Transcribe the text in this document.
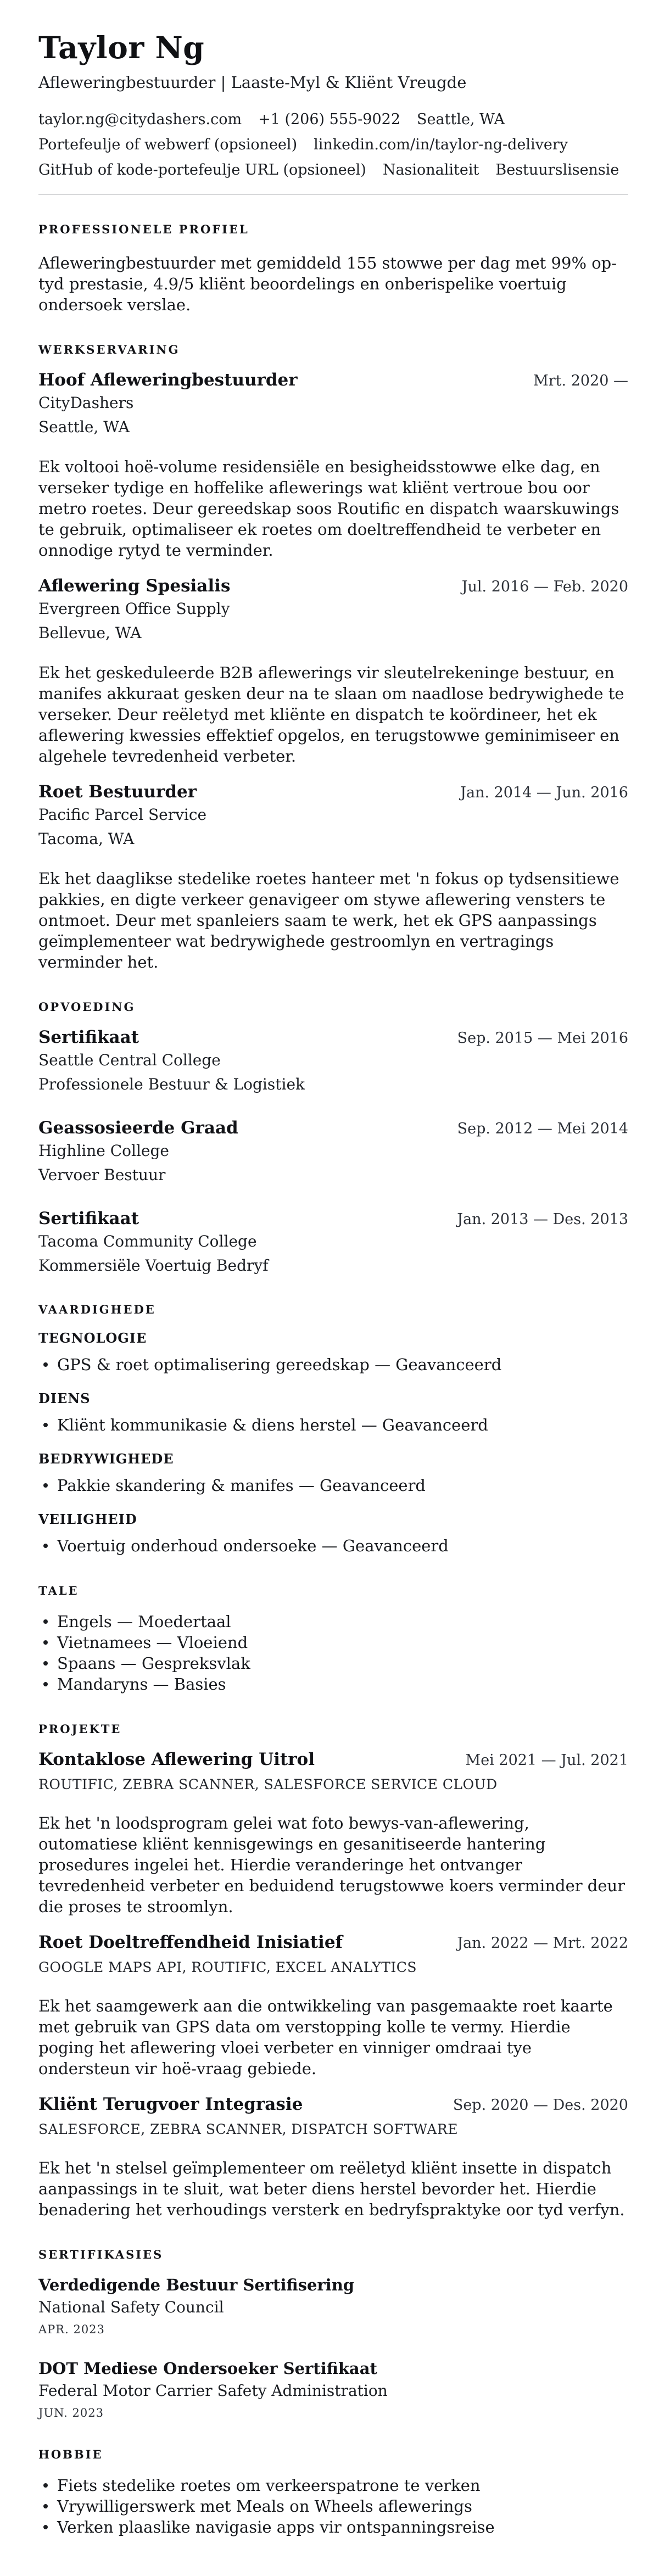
Taylor Ng
Afleweringbestuurder | Laaste-Myl & Kliënt Vreugde
taylor.ng@citydashers.com +1 (206) 555-9022 Seattle, WA
Portefeulje of webwerf (opsioneel) linkedin.com/in/taylor-ng-delivery
GitHub of kode-portefeulje URL (opsioneel) Nasionaliteit Bestuurslisensie
PROFESSIONELE PROFIEL

Afleweringbestuurder met gemiddeld 155 stowwe per dag met 99% op-tyd prestasie, 4.9/5 kliënt beoordelings en onberispelike voertuig ondersoek verslae.

WERKSERVARING
Hoof Afleweringbestuurder	Mrt. 2020 —
CityDashers
Seattle, WA

Ek voltooi hoë-volume residensiële en besigheidsstowwe elke dag, en verseker tydige en hoffelike aflewerings wat kliënt vertroue bou oor metro roetes. Deur gereedskap soos Routific en dispatch waarskuwings te gebruik, optimaliseer ek roetes om doeltreffendheid te verbeter en onnodige rytyd te verminder.

Aflewering Spesialis	Jul. 2016 — Feb. 2020
Evergreen Office Supply
Bellevue, WA

Ek het geskeduleerde B2B aflewerings vir sleutelrekeninge bestuur, en manifes akkuraat gesken deur na te slaan om naadlose bedrywighede te verseker. Deur reëletyd met kliënte en dispatch te koördineer, het ek aflewering kwessies effektief opgelos, en terugstowwe geminimiseer en algehele tevredenheid verbeter.

Roet Bestuurder	Jan. 2014 — Jun. 2016
Pacific Parcel Service
Tacoma, WA

Ek het daaglikse stedelike roetes hanteer met 'n fokus op tydsensitiewe pakkies, en digte verkeer genavigeer om stywe aflewering vensters te ontmoet. Deur met spanleiers saam te werk, het ek GPS aanpassings geïmplementeer wat bedrywighede gestroomlyn en vertragings verminder het.

OPVOEDING
Sertifikaat	Sep. 2015 — Mei 2016
Seattle Central College
Professionele Bestuur & Logistiek
Geassosieerde Graad	Sep. 2012 — Mei 2014
Highline College
Vervoer Bestuur
Sertifikaat	Jan. 2013 — Des. 2013
Tacoma Community College
Kommersiële Voertuig Bedryf
VAARDIGHEDE
TEGNOLOGIE
GPS & roet optimalisering gereedskap — Geavanceerd
DIENS
Kliënt kommunikasie & diens herstel — Geavanceerd
BEDRYWIGHEDE
Pakkie skandering & manifes — Geavanceerd
VEILIGHEID
Voertuig onderhoud ondersoeke — Geavanceerd
TALE
Engels — Moedertaal
Vietnamees — Vloeiend
Spaans — Gespreksvlak
Mandaryns — Basies
PROJEKTE
Kontaklose Aflewering Uitrol	Mei 2021 — Jul. 2021
ROUTIFIC, ZEBRA SCANNER, SALESFORCE SERVICE CLOUD

Ek het 'n loodsprogram gelei wat foto bewys-van-aflewering, outomatiese kliënt kennisgewings en gesanitiseerde hantering prosedures ingelei het. Hierdie veranderinge het ontvanger tevredenheid verbeter en beduidend terugstowwe koers verminder deur die proses te stroomlyn.

Roet Doeltreffendheid Inisiatief	Jan. 2022 — Mrt. 2022
GOOGLE MAPS API, ROUTIFIC, EXCEL ANALYTICS

Ek het saamgewerk aan die ontwikkeling van pasgemaakte roet kaarte met gebruik van GPS data om verstopping kolle te vermy. Hierdie poging het aflewering vloei verbeter en vinniger omdraai tye ondersteun vir hoë-vraag gebiede.

Kliënt Terugvoer Integrasie	Sep. 2020 — Des. 2020
SALESFORCE, ZEBRA SCANNER, DISPATCH SOFTWARE

Ek het 'n stelsel geïmplementeer om reëletyd kliënt insette in dispatch aanpassings in te sluit, wat beter diens herstel bevorder het. Hierdie benadering het verhoudings versterk en bedryfspraktyke oor tyd verfyn.

SERTIFIKASIES
Verdedigende Bestuur Sertifisering
National Safety Council
APR. 2023
DOT Mediese Ondersoeker Sertifikaat
Federal Motor Carrier Safety Administration
JUN. 2023
HOBBIE
Fiets stedelike roetes om verkeerspatrone te verken
Vrywilligerswerk met Meals on Wheels aflewerings
Verken plaaslike navigasie apps vir ontspanningsreise
